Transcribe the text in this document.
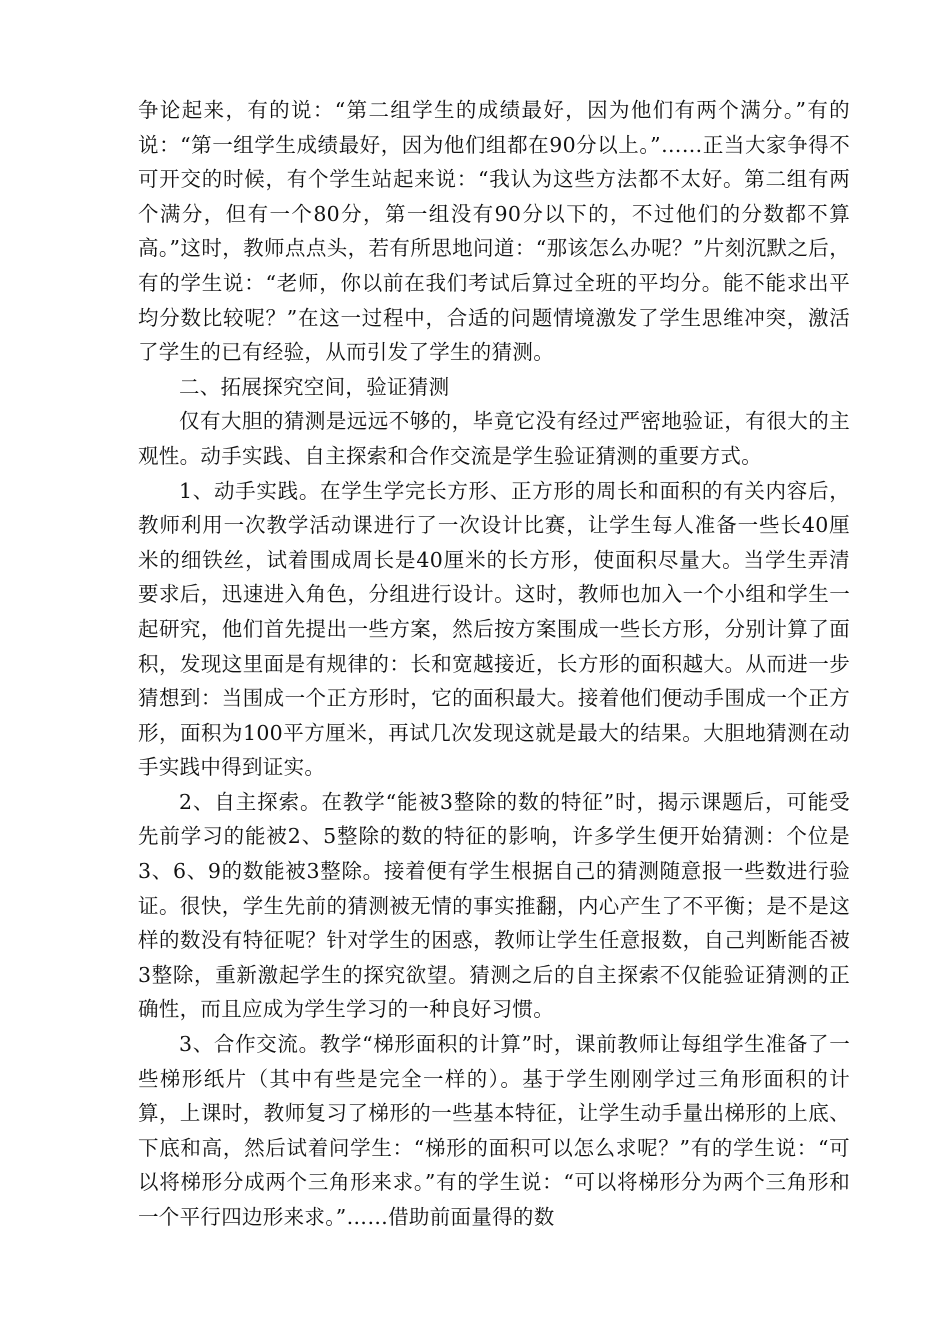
争论起来，有的说：“第二组学生的成绩最好，因为他们有两个满分。”有的说：“第一组学生成绩最好，因为他们组都在90分以上。”……正当大家争得不可开交的时候，有个学生站起来说：“我认为这些方法都不太好。第二组有两个满分，但有一个80分，第一组没有90分以下的，不过他们的分数都不算高。”这时，教师点点头，若有所思地问道：“那该怎么办呢？”片刻沉默之后，有的学生说：“老师，你以前在我们考试后算过全班的平均分。能不能求出平均分数比较呢？”在这一过程中，合适的问题情境激发了学生思维冲突，激活了学生的已有经验，从而引发了学生的猜测。

二、拓展探究空间，验证猜测

仅有大胆的猜测是远远不够的，毕竟它没有经过严密地验证，有很大的主观性。动手实践、自主探索和合作交流是学生验证猜测的重要方式。

1、动手实践。在学生学完长方形、正方形的周长和面积的有关内容后，教师利用一次教学活动课进行了一次设计比赛，让学生每人准备一些长40厘米的细铁丝，试着围成周长是40厘米的长方形，使面积尽量大。当学生弄清要求后，迅速进入角色，分组进行设计。这时，教师也加入一个小组和学生一起研究，他们首先提出一些方案，然后按方案围成一些长方形，分别计算了面积，发现这里面是有规律的：长和宽越接近，长方形的面积越大。从而进一步猜想到：当围成一个正方形时，它的面积最大。接着他们便动手围成一个正方形，面积为100平方厘米，再试几次发现这就是最大的结果。大胆地猜测在动手实践中得到证实。

2、自主探索。在教学“能被3整除的数的特征”时，揭示课题后，可能受先前学习的能被2、5整除的数的特征的影响，许多学生便开始猜测：个位是3、6、9的数能被3整除。接着便有学生根据自己的猜测随意报一些数进行验证。很快，学生先前的猜测被无情的事实推翻，内心产生了不平衡；是不是这样的数没有特征呢？针对学生的困惑，教师让学生任意报数，自己判断能否被3整除，重新激起学生的探究欲望。猜测之后的自主探索不仅能验证猜测的正确性，而且应成为学生学习的一种良好习惯。

3、合作交流。教学“梯形面积的计算”时，课前教师让每组学生准备了一些梯形纸片（其中有些是完全一样的）。基于学生刚刚学过三角形面积的计算，上课时，教师复习了梯形的一些基本特征，让学生动手量出梯形的上底、下底和高，然后试着问学生：“梯形的面积可以怎么求呢？”有的学生说：“可以将梯形分成两个三角形来求。”有的学生说：“可以将梯形分为两个三角形和一个平行四边形来求。”……借助前面量得的数
